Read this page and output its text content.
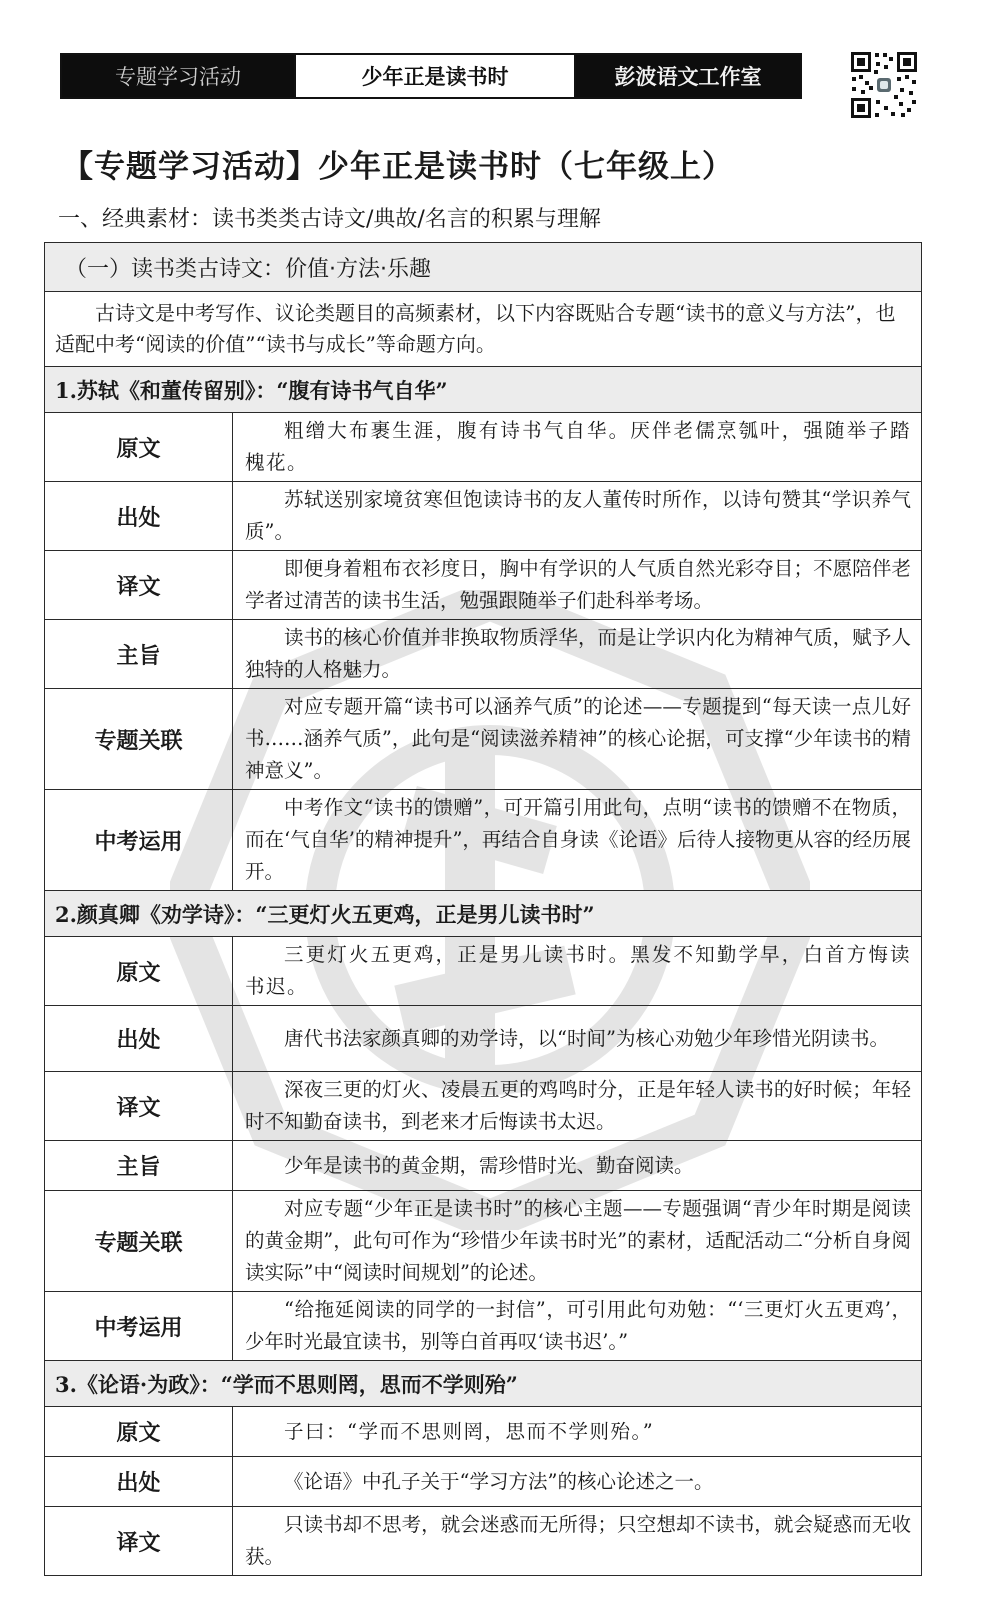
专题学习活动	少年正是读书时	彭波语文工作室
【专题学习活动】少年正是读书时（七年级上）
一、经典素材：读书类类古诗文/典故/名言的积累与理解
（一）读书类古诗文：价值·方法·乐趣	
古诗文是中考写作、议论类题目的高频素材，以下内容既贴合专题“读书的意义与方法”，也适配中考“阅读的价值”“读书与成长”等命题方向。	
1.苏轼《和董传留别》：“腹有诗书气自华”	
原文	粗缯大布裹生涯，腹有诗书气自华。厌伴老儒烹瓠叶，强随举子踏槐花。
出处	苏轼送别家境贫寒但饱读诗书的友人董传时所作，以诗句赞其“学识养气质”。
译文	即便身着粗布衣衫度日，胸中有学识的人气质自然光彩夺目；不愿陪伴老学者过清苦的读书生活，勉强跟随举子们赴科举考场。
主旨	读书的核心价值并非换取物质浮华，而是让学识内化为精神气质，赋予人独特的人格魅力。
专题关联	对应专题开篇“读书可以涵养气质”的论述——专题提到“每天读一点儿好书……涵养气质”，此句是“阅读滋养精神”的核心论据，可支撑“少年读书的精神意义”。
中考运用	中考作文“读书的馈赠”，可开篇引用此句，点明“读书的馈赠不在物质，而在‘气自华’的精神提升”，再结合自身读《论语》后待人接物更从容的经历展开。
2.颜真卿《劝学诗》：“三更灯火五更鸡，正是男儿读书时”	
原文	三更灯火五更鸡，正是男儿读书时。黑发不知勤学早，白首方悔读书迟。
出处	唐代书法家颜真卿的劝学诗，以“时间”为核心劝勉少年珍惜光阴读书。
译文	深夜三更的灯火、凌晨五更的鸡鸣时分，正是年轻人读书的好时候；年轻时不知勤奋读书，到老来才后悔读书太迟。
主旨	少年是读书的黄金期，需珍惜时光、勤奋阅读。
专题关联	对应专题“少年正是读书时”的核心主题——专题强调“青少年时期是阅读的黄金期”，此句可作为“珍惜少年读书时光”的素材，适配活动二“分析自身阅读实际”中“阅读时间规划”的论述。
中考运用	“给拖延阅读的同学的一封信”，可引用此句劝勉：“‘三更灯火五更鸡’，少年时光最宜读书，别等白首再叹‘读书迟’。”
3.《论语·为政》：“学而不思则罔，思而不学则殆”	
原文	子曰：“学而不思则罔，思而不学则殆。”
出处	《论语》中孔子关于“学习方法”的核心论述之一。
译文	只读书却不思考，就会迷惑而无所得；只空想却不读书，就会疑惑而无收获。
